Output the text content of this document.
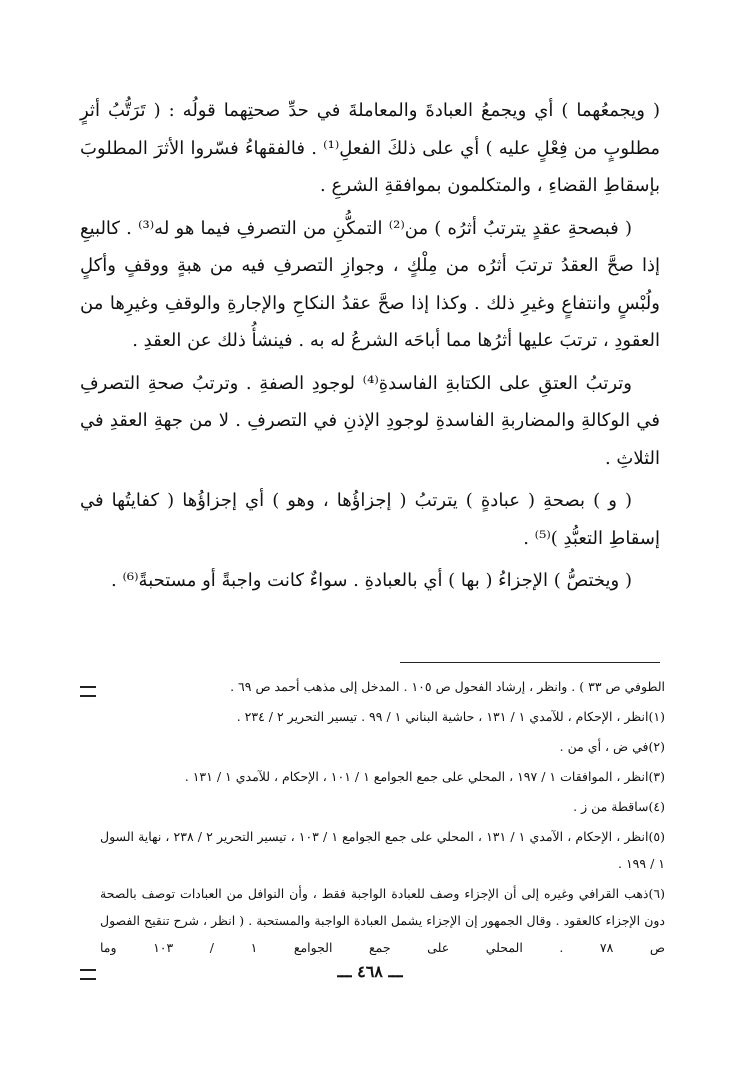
( ويجمعُهما ) أي ويجمعُ العبادةَ والمعاملةَ في حدِّ صحتِهما قولُه : ( تَرَتُّبُ أثرٍ مطلوبٍ من فِعْلٍ عليه ) أي على ذلكَ الفعلِ⁽¹⁾ . فالفقهاءُ فسّروا الأثرَ المطلوبَ بإسقاطِ القضاءِ ، والمتكلمون بموافقةِ الشرعِ .

( فبصحةِ عقدٍ يترتبُ أثرُه ) من⁽²⁾ التمكُّنِ من التصرفِ فيما هو له⁽³⁾ . كالبيعِ إذا صحَّ العقدُ ترتبَ أثرُه من مِلْكٍ ، وجوازِ التصرفِ فيه من هبةٍ ووقفٍ وأكلٍ ولُبْسٍ وانتفاعٍ وغيرِ ذلك . وكذا إذا صحَّ عقدُ النكاحِ والإجارةِ والوقفِ وغيرِها من العقودِ ، ترتبَ عليها أثرُها مما أباحَه الشرعُ له به . فينشأُ ذلك عن العقدِ .

وترتبُ العتقِ على الكتابةِ الفاسدةِ⁽⁴⁾ لوجودِ الصفةِ . وترتبُ صحةِ التصرفِ في الوكالةِ والمضاربةِ الفاسدةِ لوجودِ الإذنِ في التصرفِ . لا من جهةِ العقدِ في الثلاثِ .

( و ) بصحةِ ( عبادةٍ ) يترتبُ ( إجزاؤُها ، وهو ) أي إجزاؤُها ( كفايتُها في إسقاطِ التعبُّدِ )⁽⁵⁾ .

( ويختصُّ ) الإجزاءُ ( بها ) أي بالعبادةِ . سواءٌ كانت واجبةً أو مستحبةً⁽⁶⁾ .

الطوفي ص ٣٣ ) . وانظر ، إرشاد الفحول ص ١٠٥ . المدخل إلى مذهب أحمد ص ٦٩ .

(١)انظر ، الإحكام ، للآمدي ١ / ١٣١ ، حاشية البناني ١ / ٩٩ . تيسير التحرير ٢ / ٢٣٤ .

(٢)في ض ، أي من .

(٣)انظر ، الموافقات ١ / ١٩٧ ، المحلي على جمع الجوامع ١ / ١٠١ ، الإحكام ، للآمدي ١ / ١٣١ .

(٤)ساقطة من ز .

(٥)انظر ، الإحكام ، الآمدي ١ / ١٣١ ، المحلي على جمع الجوامع ١ / ١٠٣ ، تيسير التحرير ٢ / ٢٣٨ ، نهاية السول ١ / ١٩٩ .

(٦)ذهب القرافي وغيره إلى أن الإجزاء وصف للعبادة الواجبة فقط ، وأن النوافل من العبادات توصف بالصحة دون الإجزاء كالعقود . وقال الجمهور إن الإجزاء يشمل العبادة الواجبة والمستحبة . ( انظر ، شرح تنقيح الفصول ص ٧٨ . المحلي على جمع الجوامع ١ / ١٠٣ وما

ـــ ٤٦٨ ـــ
